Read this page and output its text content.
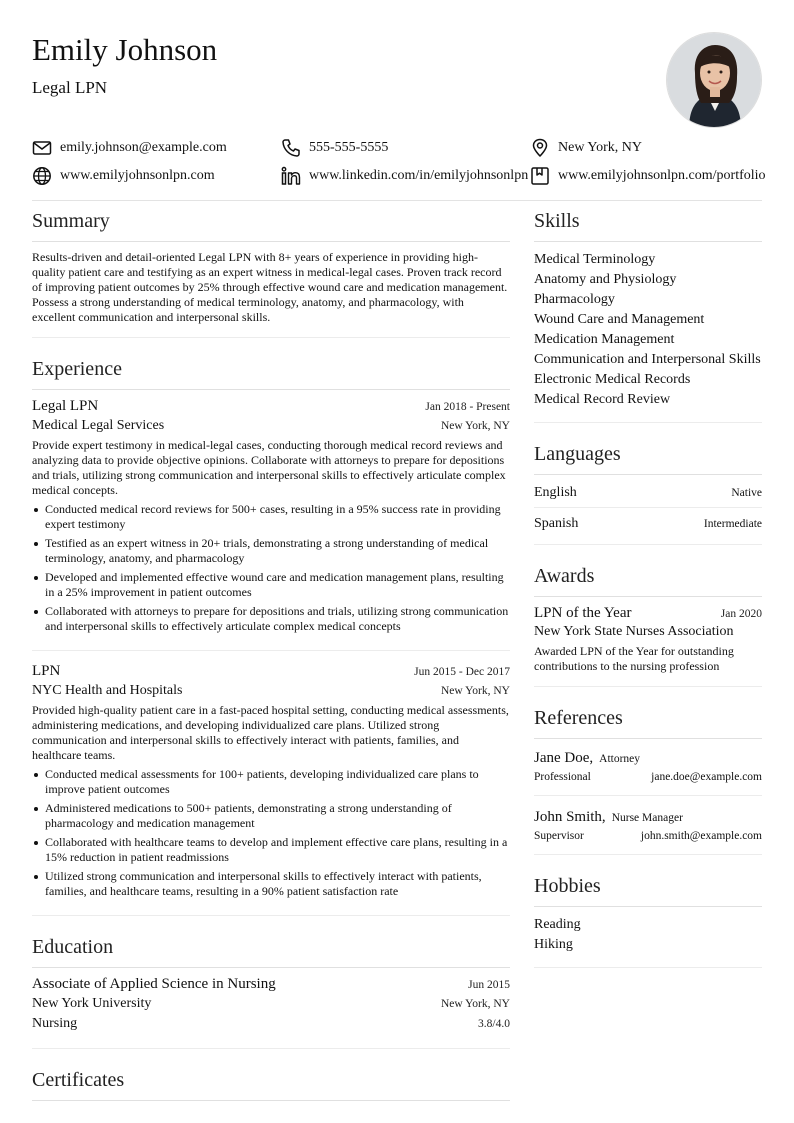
Emily Johnson
Legal LPN
emily.johnson@example.com	555-555-5555	New York, NY
www.emilyjohnsonlpn.com	www.linkedin.com/in/emilyjohnsonlpn www.emilyjohnsonlpn.com/portfolio
Summary
Results-driven and detail-oriented Legal LPN with 8+ years of experience in providing high-quality patient care and testifying as an expert witness in medical-legal cases. Proven track record of improving patient outcomes by 25% through effective wound care and medication management. Possess a strong understanding of medical terminology, anatomy, and pharmacology, with excellent communication and interpersonal skills.
Experience
Legal LPN	Jan 2018 - Present
Medical Legal Services	New York, NY
Provide expert testimony in medical-legal cases, conducting thorough medical record reviews and analyzing data to provide objective opinions. Collaborate with attorneys to prepare for depositions and trials, utilizing strong communication and interpersonal skills to effectively articulate complex medical concepts.
Conducted medical record reviews for 500+ cases, resulting in a 95% success rate in providing expert testimony
Testified as an expert witness in 20+ trials, demonstrating a strong understanding of medical terminology, anatomy, and pharmacology
Developed and implemented effective wound care and medication management plans, resulting in a 25% improvement in patient outcomes
Collaborated with attorneys to prepare for depositions and trials, utilizing strong communication and interpersonal skills to effectively articulate complex medical concepts
LPN	Jun 2015 - Dec 2017
NYC Health and Hospitals	New York, NY
Provided high-quality patient care in a fast-paced hospital setting, conducting medical assessments, administering medications, and developing individualized care plans. Utilized strong communication and interpersonal skills to effectively interact with patients, families, and healthcare teams.
Conducted medical assessments for 100+ patients, developing individualized care plans to improve patient outcomes
Administered medications to 500+ patients, demonstrating a strong understanding of pharmacology and medication management
Collaborated with healthcare teams to develop and implement effective care plans, resulting in a 15% reduction in patient readmissions
Utilized strong communication and interpersonal skills to effectively interact with patients, families, and healthcare teams, resulting in a 90% patient satisfaction rate
Education
Associate of Applied Science in Nursing	Jun 2015
New York University	New York, NY
Nursing	3.8/4.0
Certificates
Skills
Medical Terminology
Anatomy and Physiology
Pharmacology
Wound Care and Management
Medication Management
Communication and Interpersonal Skills
Electronic Medical Records
Medical Record Review
Languages
English	Native
Spanish	Intermediate
Awards
LPN of the Year	Jan 2020
New York State Nurses Association
Awarded LPN of the Year for outstanding contributions to the nursing profession
References
Jane Doe, Attorney
Professional	jane.doe@example.com
John Smith, Nurse Manager
Supervisor	john.smith@example.com
Hobbies
Reading
Hiking
